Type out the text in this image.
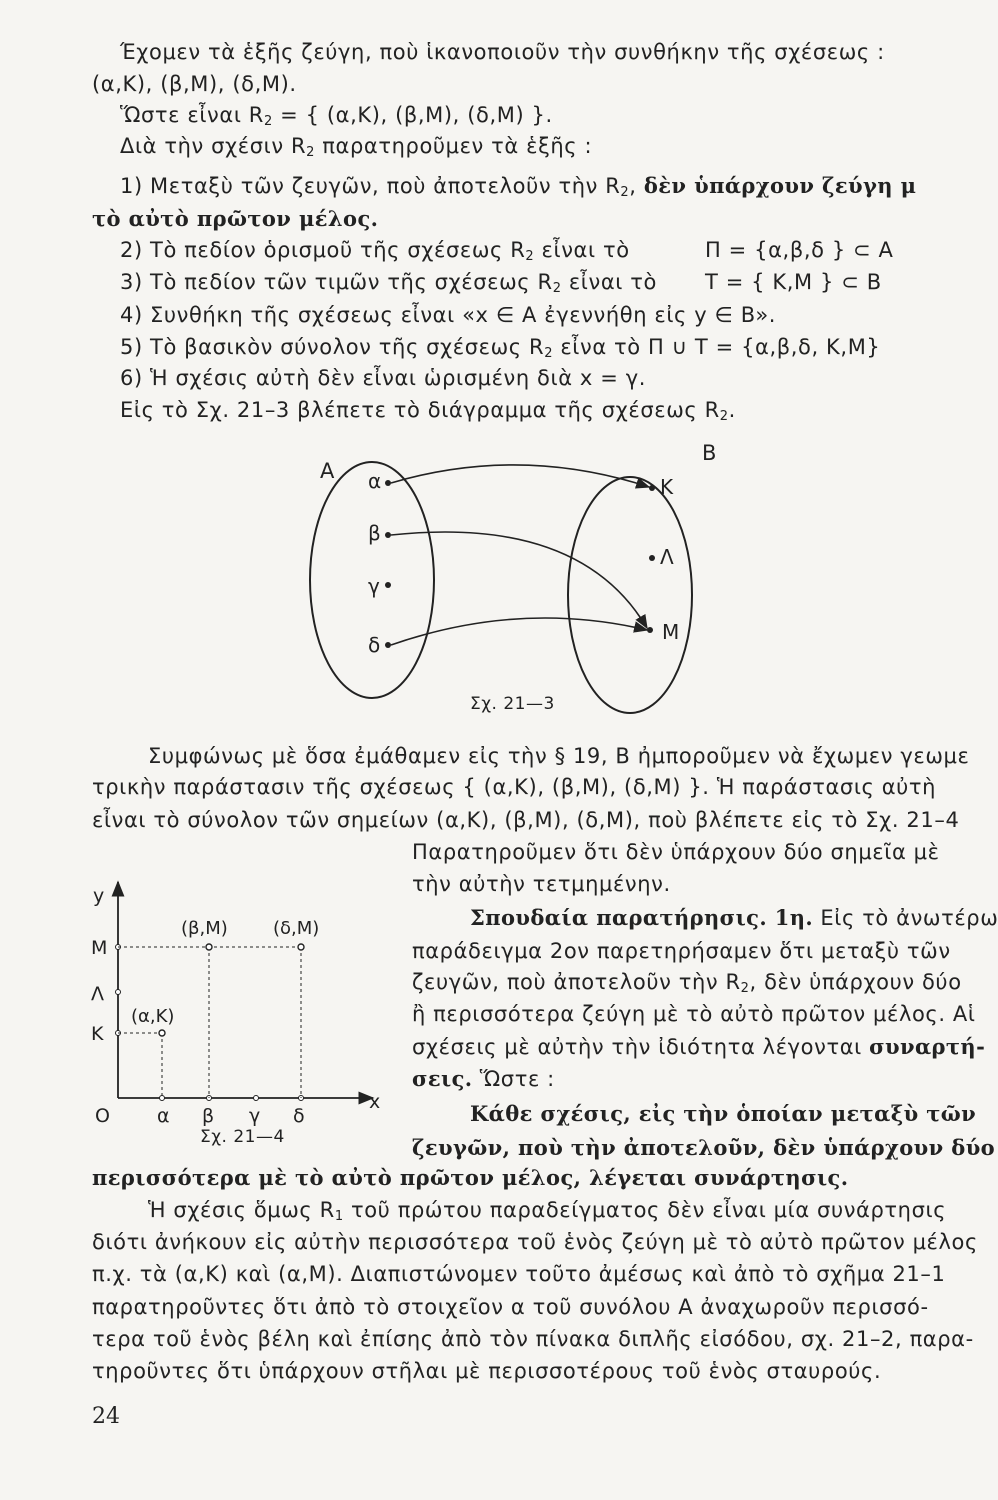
Έχομεν τὰ ἑξῆς ζεύγη, ποὺ ἱκανοποιοῦν τὴν συνθήκην τῆς σχέσεως :
(α,Κ), (β,Μ), (δ,Μ).
Ὥστε εἶναι $R_2$ = { (α,Κ), (β,Μ), (δ,Μ) }.
Διὰ τὴν σχέσιν $R_2$ παρατηροῦμεν τὰ ἑξῆς :
1) Μεταξὺ τῶν ζευγῶν, ποὺ ἀποτελοῦν τὴν $R_2$, δὲν ὑπάρχουν ζεύγη μ
τὸ αὐτὸ πρῶτον μέλος.
2) Τὸ πεδίον ὁρισμοῦ τῆς σχέσεως $R_2$ εἶναι τὸ	Π = {α,β,δ } ⊂ Α
3) Τὸ πεδίον τῶν τιμῶν τῆς σχέσεως $R_2$ εἶναι τὸ Τ = { Κ,Μ } ⊂ Β
4) Συνθήκη τῆς σχέσεως εἶναι «x ∈ A ἐγεννήθη εἰς y ∈ B».
5) Τὸ βασικὸν σύνολον τῆς σχέσεως $R_2$ εἶνα τὸ Π ∪ Τ = {α,β,δ, Κ,Μ}
6) Ἡ σχέσις αὐτὴ δὲν εἶναι ὡρισμένη διὰ x = γ.
Εἰς τὸ Σχ. 21–3 βλέπετε τὸ διάγραμμα τῆς σχέσεως $R_2$.
A
B
α
β
γ
δ
K
Λ
M
Σχ. 21—3
Συμφώνως μὲ ὅσα ἐμάθαμεν εἰς τὴν § 19, Β ἠμποροῦμεν νὰ ἔχωμεν γεωμε
τρικὴν παράστασιν τῆς σχέσεως { (α,Κ), (β,Μ), (δ,Μ) }. Ἡ παράστασις αὐτὴ
εἶναι τὸ σύνολον τῶν σημείων (α,Κ), (β,Μ), (δ,Μ), ποὺ βλέπετε εἰς τὸ Σχ. 21–4
Παρατηροῦμεν ὅτι δὲν ὑπάρχουν δύο σημεῖα μὲ
τὴν αὐτὴν τετμημένην.
Σπουδαία παρατήρησις. 1η. Εἰς τὸ ἀνωτέρω
παράδειγμα 2ον παρετηρήσαμεν ὅτι μεταξὺ τῶν
ζευγῶν, ποὺ ἀποτελοῦν τὴν $R_2$, δὲν ὑπάρχουν δύο
ἢ περισσότερα ζεύγη μὲ τὸ αὐτὸ πρῶτον μέλος. Αἱ
σχέσεις μὲ αὐτὴν τὴν ἰδιότητα λέγονται συναρτή-
σεις. Ὥστε :
Κάθε σχέσις, εἰς τὴν ὁποίαν μεταξὺ τῶν
ζευγῶν, ποὺ τὴν ἀποτελοῦν, δὲν ὑπάρχουν δύο
περισσότερα μὲ τὸ αὐτὸ πρῶτον μέλος, λέγεται συνάρτησις.
y
x
O
M
Λ
K
α β γ δ
(β,M)	(δ,M)
(α,K)
Σχ. 21—4
Ἡ σχέσις ὅμως $R_1$ τοῦ πρώτου παραδείγματος δὲν εἶναι μία συνάρτησις
διότι ἀνήκουν εἰς αὐτὴν περισσότερα τοῦ ἑνὸς ζεύγη μὲ τὸ αὐτὸ πρῶτον μέλος
π.χ. τὰ (α,Κ) καὶ (α,Μ). Διαπιστώνομεν τοῦτο ἀμέσως καὶ ἀπὸ τὸ σχῆμα 21–1
παρατηροῦντες ὅτι ἀπὸ τὸ στοιχεῖον α τοῦ συνόλου Α ἀναχωροῦν περισσό-
τερα τοῦ ἑνὸς βέλη καὶ ἐπίσης ἀπὸ τὸν πίνακα διπλῆς εἰσόδου, σχ. 21–2, παρα-
τηροῦντες ὅτι ὑπάρχουν στῆλαι μὲ περισσοτέρους τοῦ ἑνὸς σταυρούς.
24
